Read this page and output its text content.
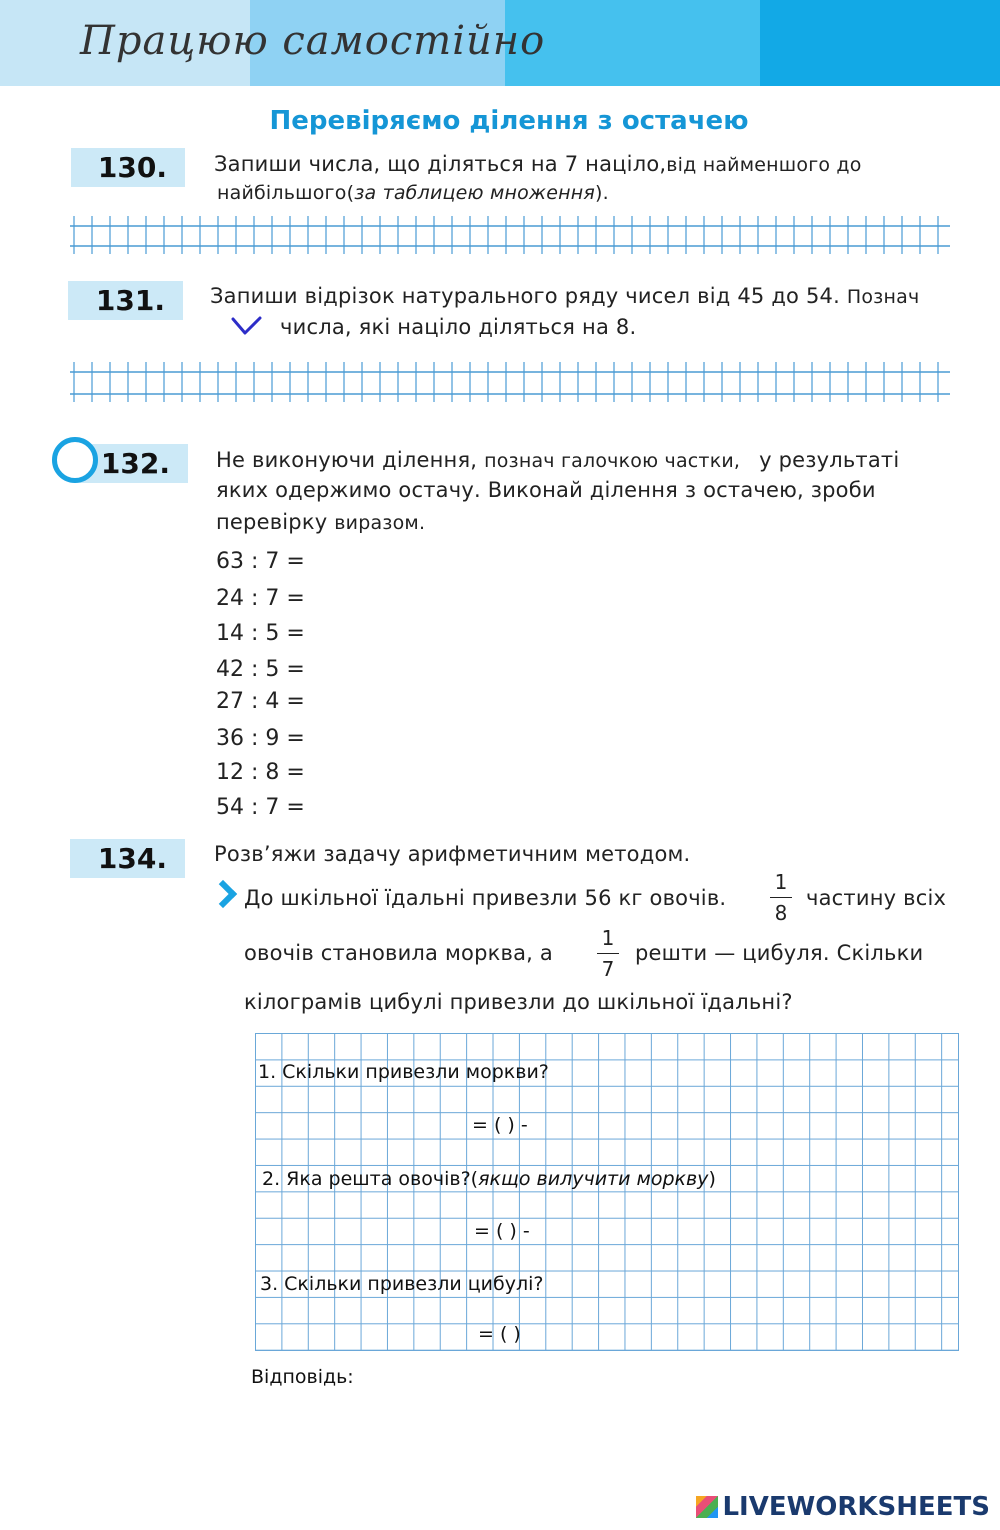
Працюю самостійно
Перевіряємо ділення з остачею
130.	Запиши числа, що діляться на 7 націло,від найменшого до
найбільшого(за таблицею множення).
131.	Запиши відрізок натурального ряду чисел від 45 до 54. Познач
числа, які націло діляться на 8.
132.	Не виконуючи ділення, познач галочкою частки, у результаті
яких одержимо остачу. Виконай ділення з остачею, зроби
перевірку виразом.
63 : 7 =
24 : 7 =
14 : 5 =
42 : 5 =
27 : 4 =
36 : 9 =
12 : 8 =
54 : 7 =
134.	Розв’яжи задачу арифметичним методом.
До шкільної їдальні привезли 56 кг овочів.
1
8
частину всіх
овочів становила морква, а
1
7
решти — цибуля. Скільки
кілограмів цибулі привезли до шкільної їдальні?
1. Скільки привезли моркви?
= ( ) -
2. Яка решта овочів?(якщо вилучити моркву)
= ( ) -
3. Скільки привезли цибулі?
= ( )
Відповідь:
LIVEWORKSHEETS
